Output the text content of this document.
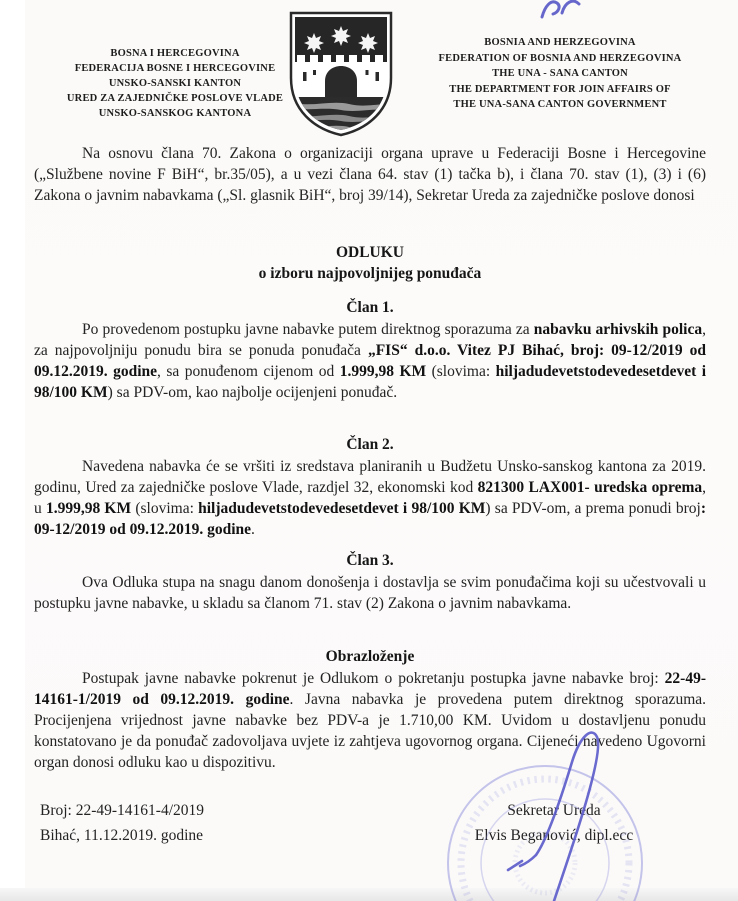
BOSNA I HERCEGOVINA
FEDERACIJA BOSNE I HERCEGOVINE
UNSKO-SANSKI KANTON
URED ZA ZAJEDNIČKE POSLOVE VLADE
UNSKO-SANSKOG KANTONA
BOSNIA AND HERZEGOVINA
FEDERATION OF BOSNIA AND HERZEGOVINA
THE UNA - SANA CANTON
THE DEPARTMENT FOR JOIN AFFAIRS OF
THE UNA-SANA CANTON GOVERNMENT

Na osnovu člana 70. Zakona o organizaciji organa uprave u Federaciji Bosne i Hercegovine („Službene novine F BiH“, br.35/05), a u vezi člana 64. stav (1) tačka b), i člana 70. stav (1), (3) i (6) Zakona o javnim nabavkama („Sl. glasnik BiH“, broj 39/14), Sekretar Ureda za zajedničke poslove donosi

ODLUKU
o izboru najpovoljnijeg ponuđača
Član 1.

Po provedenom postupku javne nabavke putem direktnog sporazuma za nabavku arhivskih polica, za najpovoljniju ponudu bira se ponuda ponuđača „FIS“ d.o.o. Vitez PJ Bihać, broj: 09-12/2019 od 09.12.2019. godine, sa ponuđenom cijenom od 1.999,98 KM (slovima: hiljadudevetstodevedesetdevet i 98/100 KM) sa PDV-om, kao najbolje ocijenjeni ponuđač.

Član 2.

Navedena nabavka će se vršiti iz sredstava planiranih u Budžetu Unsko-sanskog kantona za 2019. godinu, Ured za zajedničke poslove Vlade, razdjel 32, ekonomski kod 821300 LAX001- uredska oprema, u 1.999,98 KM (slovima: hiljadudevetstodevedesetdevet i 98/100 KM) sa PDV-om, a prema ponudi broj: 09-12/2019 od 09.12.2019. godine.

Član 3.

Ova Odluka stupa na snagu danom donošenja i dostavlja se svim ponuđačima koji su učestvovali u postupku javne nabavke, u skladu sa članom 71. stav (2) Zakona o javnim nabavkama.

Obrazloženje

Postupak javne nabavke pokrenut je Odlukom o pokretanju postupka javne nabavke broj: 22-49-14161-1/2019 od 09.12.2019. godine. Javna nabavka je provedena putem direktnog sporazuma. Procijenjena vrijednost javne nabavke bez PDV-a je 1.710,00 KM. Uvidom u dostavljenu ponudu konstatovano je da ponuđač zadovoljava uvjete iz zahtjeva ugovornog organa. Cijeneći navedeno Ugovorni organ donosi odluku kao u dispozitivu.

Broj: 22-49-14161-4/2019
Bihać, 11.12.2019. godine
Sekretar Ureda
Elvis Beganović, dipl.ecc
